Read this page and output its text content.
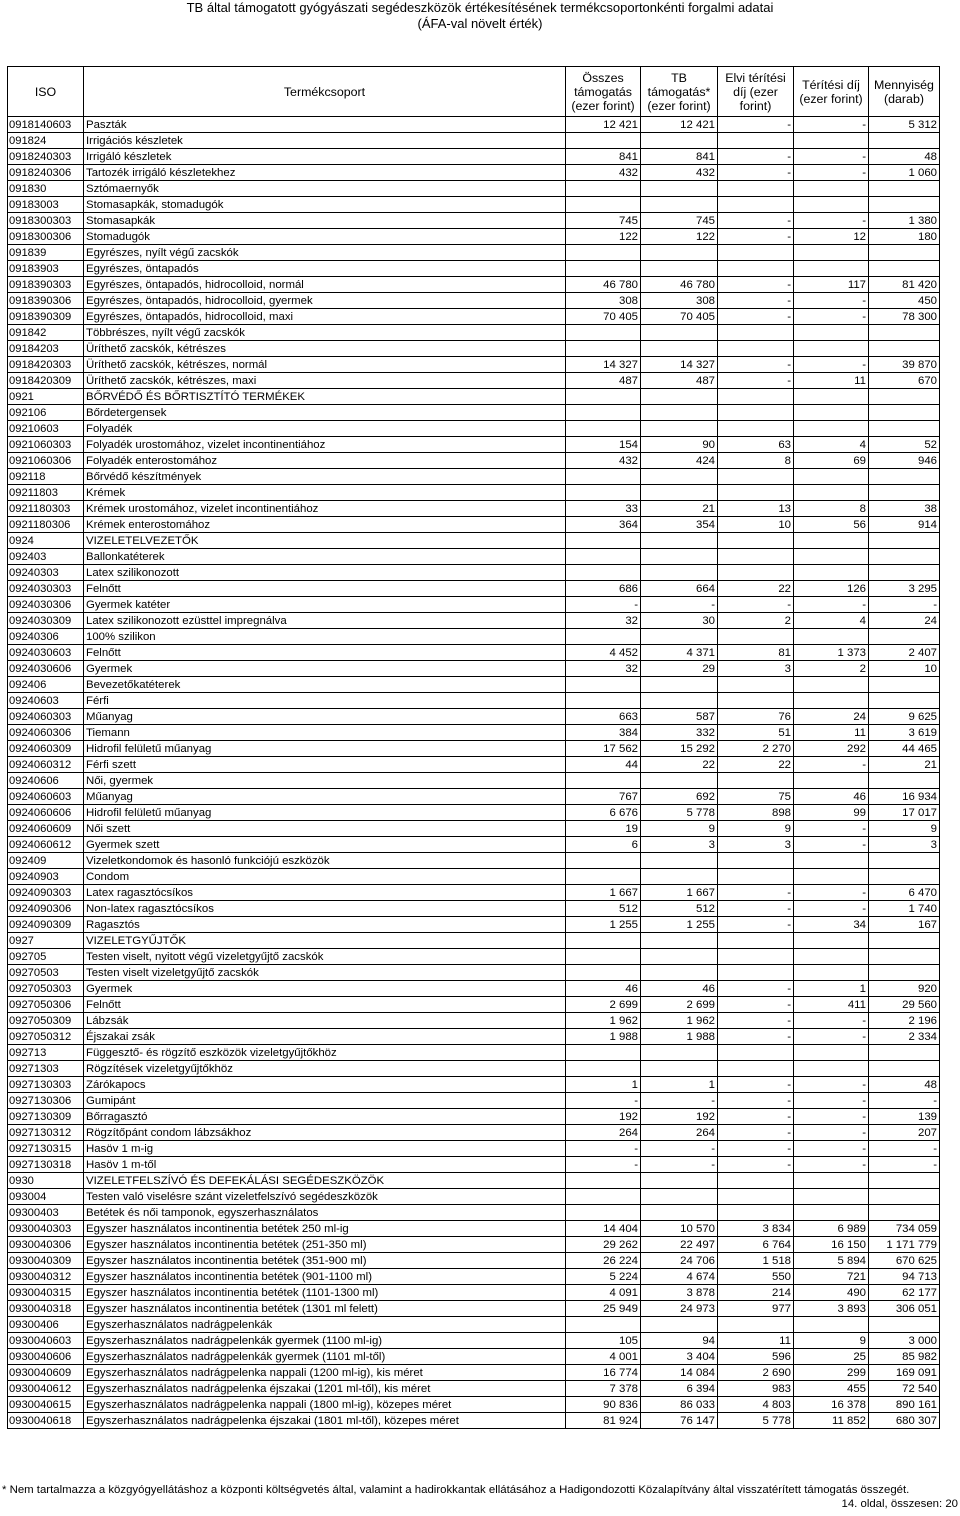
TB által támogatott gyógyászati segédeszközök értékesítésének termékcsoportonkénti forgalmi adatai
(ÁFA-val növelt érték)
ISO	Termékcsoport	Összes támogatás (ezer forint)	TB támogatás* (ezer forint)	Elvi térítési díj (ezer forint)	Térítési díj (ezer forint)	Mennyiség (darab)
0918140603	Paszták	12 421	12 421	-	-	5 312
091824	Irrigációs készletek					
0918240303	Irrigáló készletek	841	841	-	-	48
0918240306	Tartozék irrigáló készletekhez	432	432	-	-	1 060
091830	Sztómaernyők					
09183003	Stomasapkák, stomadugók					
0918300303	Stomasapkák	745	745	-	-	1 380
0918300306	Stomadugók	122	122	-	12	180
091839	Egyrészes, nyílt végű zacskók					
09183903	Egyrészes, öntapadós					
0918390303	Egyrészes, öntapadós, hidrocolloid, normál	46 780	46 780	-	117	81 420
0918390306	Egyrészes, öntapadós, hidrocolloid, gyermek	308	308	-	-	450
0918390309	Egyrészes, öntapadós, hidrocolloid, maxi	70 405	70 405	-	-	78 300
091842	Többrészes, nyílt végű zacskók					
09184203	Üríthető zacskók, kétrészes					
0918420303	Üríthető zacskók, kétrészes, normál	14 327	14 327	-	-	39 870
0918420309	Üríthető zacskók, kétrészes, maxi	487	487	-	11	670
0921	BŐRVÉDŐ ÉS BŐRTISZTÍTÓ TERMÉKEK					
092106	Bőrdetergensek					
09210603	Folyadék					
0921060303	Folyadék urostomához, vizelet incontinentiához	154	90	63	4	52
0921060306	Folyadék enterostomához	432	424	8	69	946
092118	Bőrvédő készítmények					
09211803	Krémek					
0921180303	Krémek urostomához, vizelet incontinentiához	33	21	13	8	38
0921180306	Krémek enterostomához	364	354	10	56	914
0924	VIZELETELVEZETŐK					
092403	Ballonkatéterek					
09240303	Latex szilikonozott					
0924030303	Felnőtt	686	664	22	126	3 295
0924030306	Gyermek katéter	-	-	-	-	-
0924030309	Latex szilikonozott ezüsttel impregnálva	32	30	2	4	24
09240306	100% szilikon					
0924030603	Felnőtt	4 452	4 371	81	1 373	2 407
0924030606	Gyermek	32	29	3	2	10
092406	Bevezetőkatéterek					
09240603	Férfi					
0924060303	Műanyag	663	587	76	24	9 625
0924060306	Tiemann	384	332	51	11	3 619
0924060309	Hidrofil felületű műanyag	17 562	15 292	2 270	292	44 465
0924060312	Férfi szett	44	22	22	-	21
09240606	Női, gyermek					
0924060603	Műanyag	767	692	75	46	16 934
0924060606	Hidrofil felületű műanyag	6 676	5 778	898	99	17 017
0924060609	Női szett	19	9	9	-	9
0924060612	Gyermek szett	6	3	3	-	3
092409	Vizeletkondomok és hasonló funkciójú eszközök					
09240903	Condom					
0924090303	Latex ragasztócsíkos	1 667	1 667	-	-	6 470
0924090306	Non-latex ragasztócsíkos	512	512	-	-	1 740
0924090309	Ragasztós	1 255	1 255	-	34	167
0927	VIZELETGYŰJTŐK					
092705	Testen viselt, nyitott végű vizeletgyűjtő zacskók					
09270503	Testen viselt vizeletgyűjtő zacskók					
0927050303	Gyermek	46	46	-	1	920
0927050306	Felnőtt	2 699	2 699	-	411	29 560
0927050309	Lábzsák	1 962	1 962	-	-	2 196
0927050312	Éjszakai zsák	1 988	1 988	-	-	2 334
092713	Függesztő- és rögzítő eszközök vizeletgyűjtőkhöz					
09271303	Rögzítések vizeletgyűjtőkhöz					
0927130303	Zárókapocs	1	1	-	-	48
0927130306	Gumipánt	-	-	-	-	-
0927130309	Bőrragasztó	192	192	-	-	139
0927130312	Rögzítőpánt condom lábzsákhoz	264	264	-	-	207
0927130315	Hasöv 1 m-ig	-	-	-	-	-
0927130318	Hasöv 1 m-től	-	-	-	-	-
0930	VIZELETFELSZÍVÓ ÉS DEFEKÁLÁSI SEGÉDESZKÖZÖK					
093004	Testen való viselésre szánt vizeletfelszívó segédeszközök					
09300403	Betétek és női tamponok, egyszerhasználatos					
0930040303	Egyszer használatos incontinentia betétek 250 ml-ig	14 404	10 570	3 834	6 989	734 059
0930040306	Egyszer használatos incontinentia betétek (251-350 ml)	29 262	22 497	6 764	16 150	1 171 779
0930040309	Egyszer használatos incontinentia betétek (351-900 ml)	26 224	24 706	1 518	5 894	670 625
0930040312	Egyszer használatos incontinentia betétek (901-1100 ml)	5 224	4 674	550	721	94 713
0930040315	Egyszer használatos incontinentia betétek (1101-1300 ml)	4 091	3 878	214	490	62 177
0930040318	Egyszer használatos incontinentia betétek (1301 ml felett)	25 949	24 973	977	3 893	306 051
09300406	Egyszerhasználatos nadrágpelenkák					
0930040603	Egyszerhasználatos nadrágpelenkák gyermek (1100 ml-ig)	105	94	11	9	3 000
0930040606	Egyszerhasználatos nadrágpelenkák gyermek (1101 ml-től)	4 001	3 404	596	25	85 982
0930040609	Egyszerhasználatos nadrágpelenka nappali (1200 ml-ig), kis méret	16 774	14 084	2 690	299	169 091
0930040612	Egyszerhasználatos nadrágpelenka éjszakai (1201 ml-től), kis méret	7 378	6 394	983	455	72 540
0930040615	Egyszerhasználatos nadrágpelenka nappali (1800 ml-ig), közepes méret	90 836	86 033	4 803	16 378	890 161
0930040618	Egyszerhasználatos nadrágpelenka éjszakai (1801 ml-től), közepes méret	81 924	76 147	5 778	11 852	680 307
* Nem tartalmazza a közgyógyellátáshoz a központi költségvetés által, valamint a hadirokkantak ellátásához a Hadigondozotti Közalapítvány által visszatérített támogatás összegét.
14. oldal, összesen: 20
